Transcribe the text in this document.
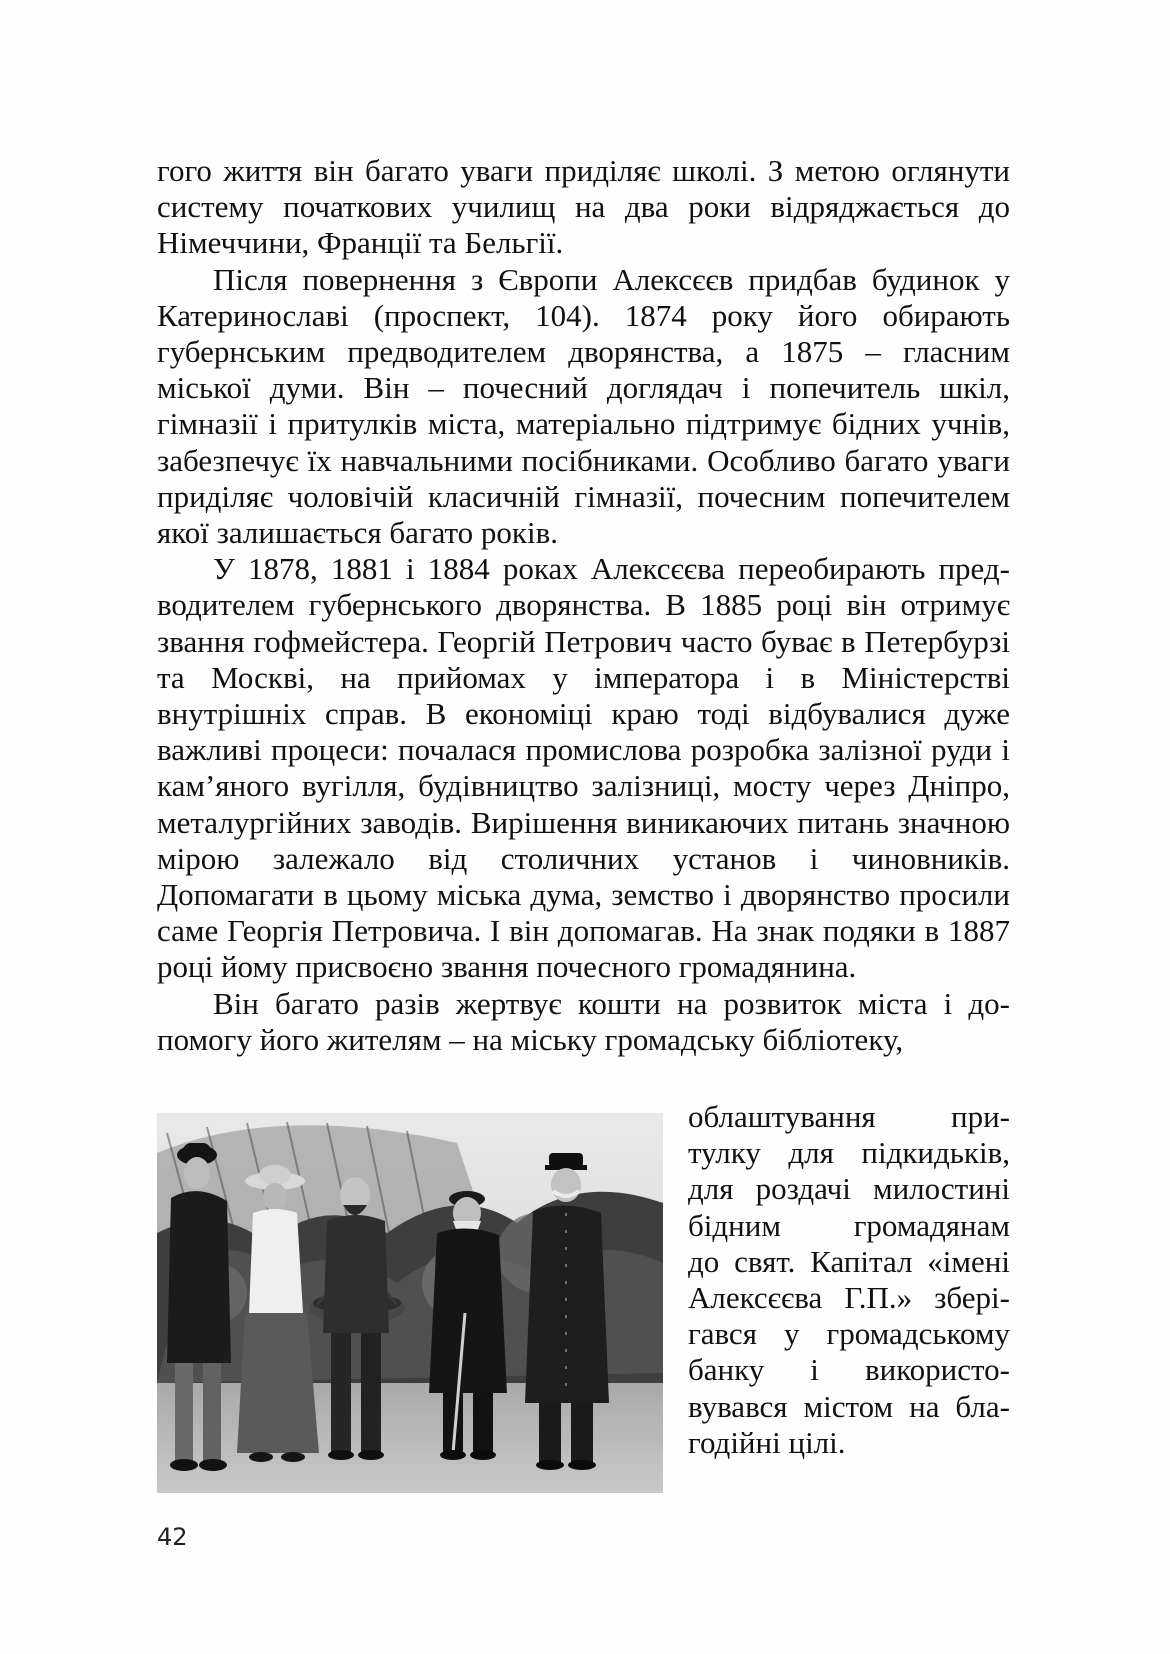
гого життя він багато уваги приділяє школі. З метою оглянути систему початкових училищ на два роки відряджається до Німеччини, Франції та Бельгії.

Після повернення з Європи Алексєєв придбав будинок у Катеринославі (проспект, 104). 1874 року його обирають губернським предводителем дворянства, а 1875 – гласним міської думи. Він – почесний доглядач і попечитель шкіл, гімназії і притулків міста, матеріально підтримує бідних учнів, забезпечує їх навчальними посібниками. Особливо багато уваги приділяє чоловічій класичній гімназії, почесним попечителем якої залишається багато років.

У 1878, 1881 і 1884 роках Алексєєва переобирають предводителем губернського дворянства. В 1885 році він отримує звання гофмейстера. Георгій Петрович часто буває в Петербурзі та Москві, на прийомах у імператора і в Міністерстві внутрішніх справ. В економіці краю тоді відбувалися дуже важливі процеси: почалася промислова розробка залізної руди і кам’яного вугілля, будівництво залізниці, мосту через Дніпро, металургійних заводів. Вирішення виникаючих питань значною мірою залежало від столичних установ і чиновників. Допомагати в цьому міська дума, земство і дворянство просили саме Георгія Петровича. І він допомагав. На знак подяки в 1887 році йому присвоєно звання почесного громадянина.

Він багато разів жертвує кошти на розвиток міста і допомогу його жителям – на міську громадську бібліотеку,

облаштування при-
тулку для підкидьків,
для роздачі милостині
бідним громадянам
до свят. Капітал «імені
Алексєєва Г.П.» збері-
гався у громадському
банку і використо-
вувався містом на бла-
годійні цілі.
42
